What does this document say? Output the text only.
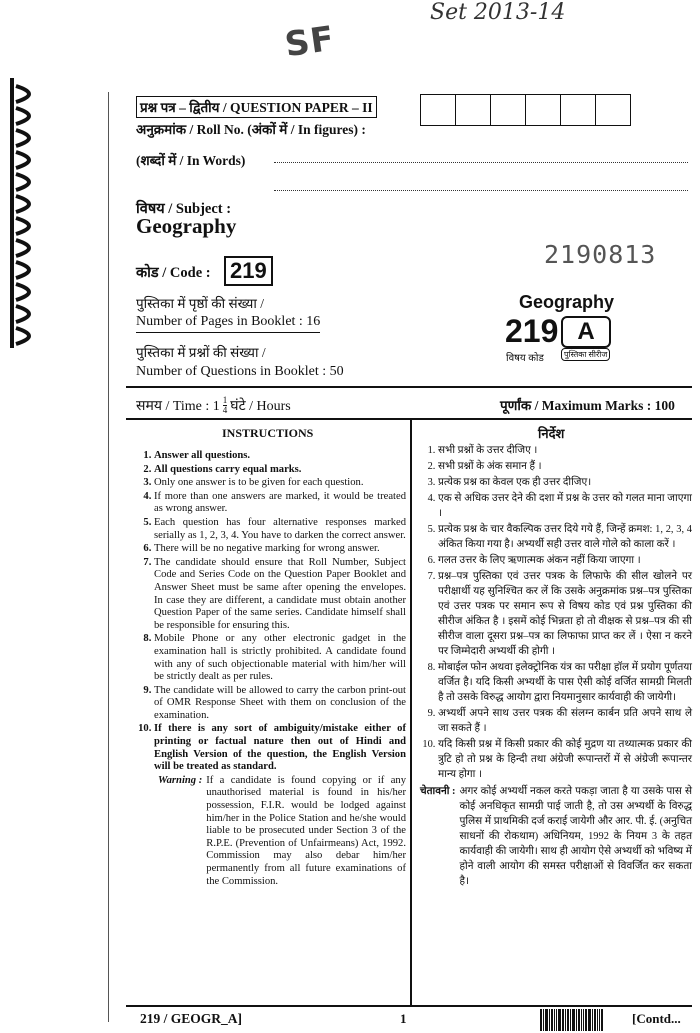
Set 2013-14
SF
प्रश्न पत्र – द्वितीय / QUESTION PAPER – II
अनुक्रमांक / Roll No. (अंकों में / In figures) :
(शब्दों में / In Words)
विषय / Subject :
Geography
2190813
कोड / Code : 219
पुस्तिका में पृष्ठों की संख्या /
Number of Pages in Booklet : 16
पुस्तिका में प्रश्नों की संख्या /
Number of Questions in Booklet : 50
Geography
219 A
विषय कोड	पुस्तिका सीरीज
समय / Time : $1 \frac{1}{4}$ घंटे / Hours	पूर्णांक / Maximum Marks : 100
INSTRUCTIONS
1. Answer all questions.
2. All questions carry equal marks.
3. Only one answer is to be given for each question.
4. If more than one answers are marked, it would be treated as wrong answer.
5. Each question has four alternative responses marked serially as 1, 2, 3, 4. You have to darken the correct answer.
6. There will be no negative marking for wrong answer.
7. The candidate should ensure that Roll Number, Subject Code and Series Code on the Question Paper Booklet and Answer Sheet must be same after opening the envelopes. In case they are different, a candidate must obtain another Question Paper of the same series. Candidate himself shall be responsible for ensuring this.
8. Mobile Phone or any other electronic gadget in the examination hall is strictly prohibited. A candidate found with any of such objectionable material with him/her will be strictly dealt as per rules.
9. The candidate will be allowed to carry the carbon print-out of OMR Response Sheet with them on conclusion of the examination.
10. If there is any sort of ambiguity/mistake either of printing or factual nature then out of Hindi and English Version of the question, the English Version will be treated as standard.
Warning : If a candidate is found copying or if any unauthorised material is found in his/her possession, F.I.R. would be lodged against him/her in the Police Station and he/she would liable to be prosecuted under Section 3 of the R.P.E. (Prevention of Unfairmeans) Act, 1992. Commission may also debar him/her permanently from all future examinations of the Commission.
निर्देश
1. सभी प्रश्नों के उत्तर दीजिए ।
2. सभी प्रश्नों के अंक समान हैं ।
3. प्रत्येक प्रश्न का केवल एक ही उत्तर दीजिए।
4. एक से अधिक उत्तर देने की दशा में प्रश्न के उत्तर को गलत माना जाएगा ।
5. प्रत्येक प्रश्न के चार वैकल्पिक उत्तर दिये गये हैं, जिन्हें क्रमश: 1, 2, 3, 4 अंकित किया गया है। अभ्यर्थी सही उत्तर वाले गोले को काला करें ।
6. गलत उत्तर के लिए ऋणात्मक अंकन नहीं किया जाएगा ।
7. प्रश्न–पत्र पुस्तिका एवं उत्तर पत्रक के लिफाफे की सील खोलने पर परीक्षार्थी यह सुनिश्चित कर लें कि उसके अनुक्रमांक प्रश्न–पत्र पुस्तिका एवं उत्तर पत्रक पर समान रूप से विषय कोड एवं प्रश्न पुस्तिका की सीरीज अंकित है । इसमें कोई भिन्नता हो तो वीक्षक से प्रश्न–पत्र की सी सीरीज वाला दूसरा प्रश्न–पत्र का लिफाफा प्राप्त कर लें । ऐसा न करने पर जिम्मेदारी अभ्यर्थी की होगी ।
8. मोबाईल फोन अथवा इलेक्ट्रोनिक यंत्र का परीक्षा हॉल में प्रयोग पूर्णतया वर्जित है। यदि किसी अभ्यर्थी के पास ऐसी कोई वर्जित सामग्री मिलती है तो उसके विरुद्ध आयोग द्वारा नियमानुसार कार्यवाही की जायेगी।
9. अभ्यर्थी अपने साथ उत्तर पत्रक की संलग्न कार्बन प्रति अपने साथ ले जा सकते हैं ।
10. यदि किसी प्रश्न में किसी प्रकार की कोई मुद्रण या तथ्यात्मक प्रकार की त्रुटि हो तो प्रश्न के हिन्दी तथा अंग्रेजी रूपान्तरों में से अंग्रेजी रूपान्तर मान्य होगा ।
चेतावनी : अगर कोई अभ्यर्थी नकल करते पकड़ा जाता है या उसके पास से कोई अनधिकृत सामग्री पाई जाती है, तो उस अभ्यर्थी के विरुद्ध पुलिस में प्राथमिकी दर्ज कराई जायेगी और आर. पी. ई. (अनुचित साधनों की रोकथाम) अधिनियम, 1992 के नियम 3 के तहत कार्यवाही की जायेगी। साथ ही आयोग ऐसे अभ्यर्थी को भविष्य में होने वाली आयोग की समस्त परीक्षाओं से विवर्जित कर सकता है।
219 / GEOGR_A]	1	[Contd...
